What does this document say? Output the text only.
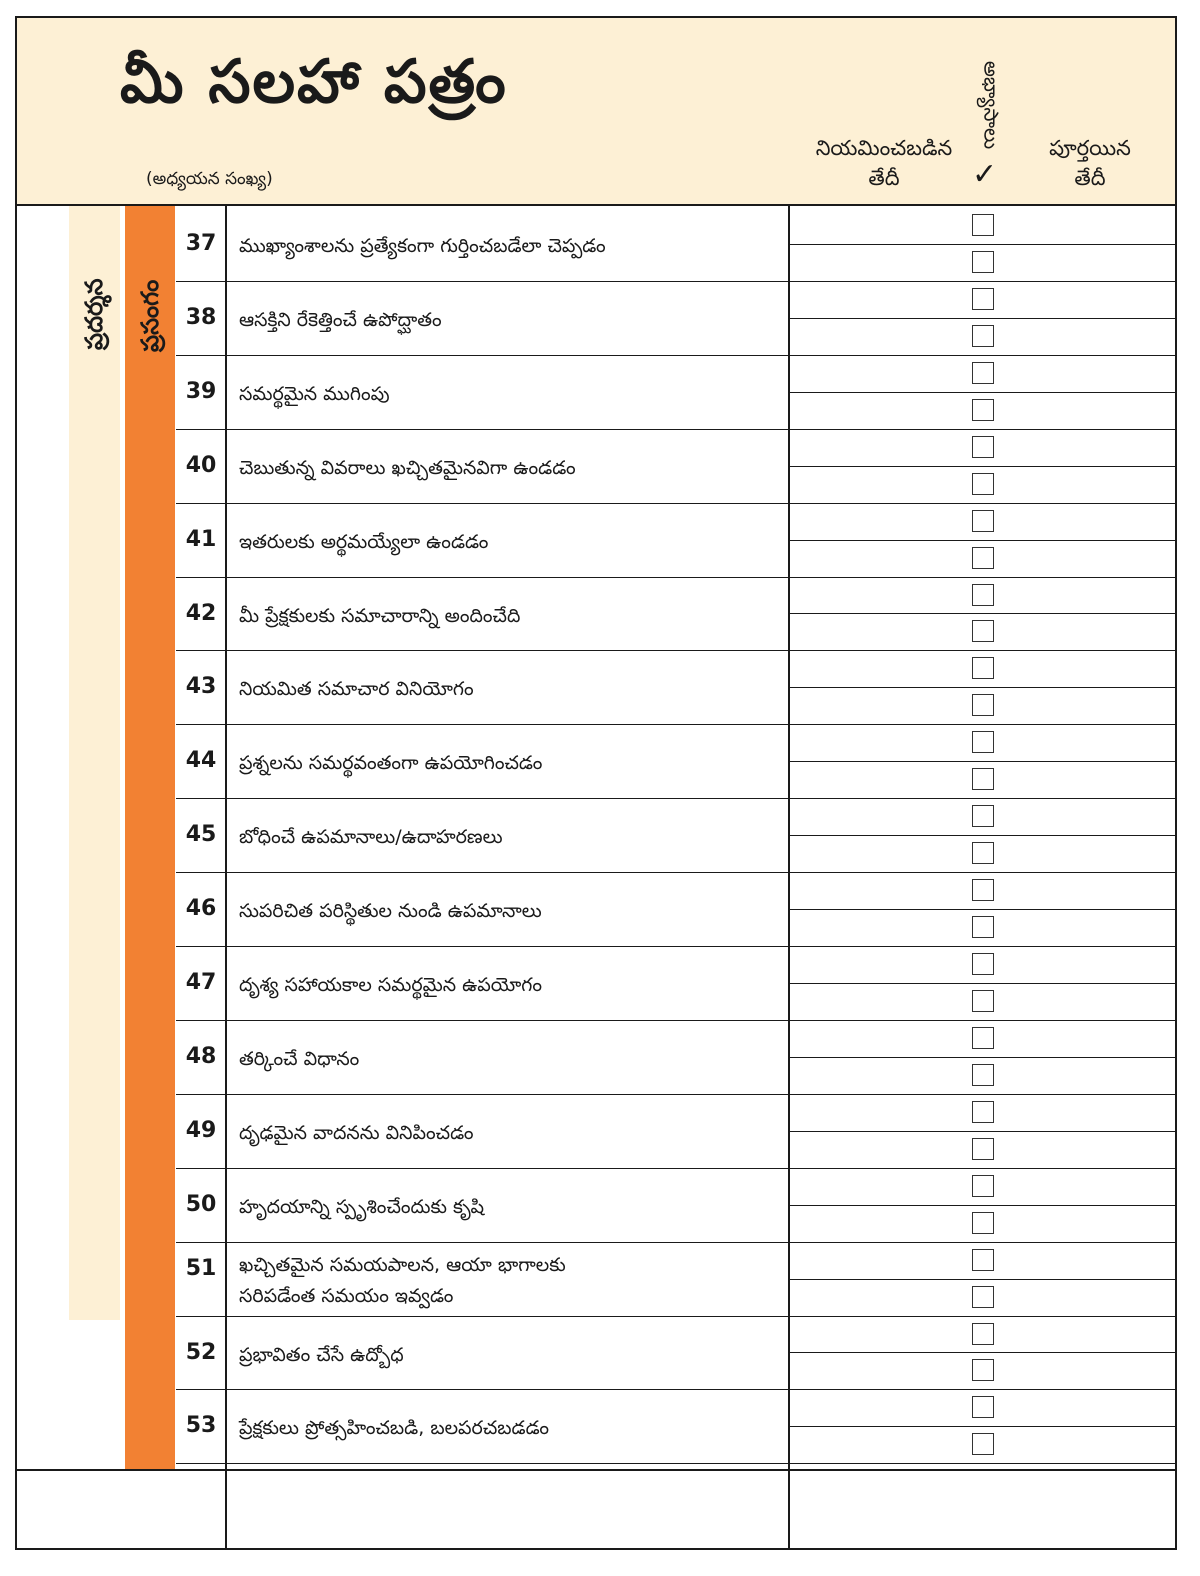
మీ సలహా పత్రం
(అధ్యయన సంఖ్య)
నియమించబడిన
తేదీ
అభ్యాసాలు
✓
పూర్తయిన
తేదీ
ప్రదర్శన ప్రసంగం
37	ముఖ్యాంశాలను ప్రత్యేకంగా గుర్తించబడేలా చెప్పడం
38	ఆసక్తిని రేకెత్తించే ఉపోద్ఘాతం
39	సమర్థమైన ముగింపు
40	చెబుతున్న వివరాలు ఖచ్చితమైనవిగా ఉండడం
41	ఇతరులకు అర్థమయ్యేలా ఉండడం
42	మీ ప్రేక్షకులకు సమాచారాన్ని అందించేది
43	నియమిత సమాచార వినియోగం
44	ప్రశ్నలను సమర్థవంతంగా ఉపయోగించడం
45	బోధించే ఉపమానాలు/ఉదాహరణలు
46	సుపరిచిత పరిస్థితుల నుండి ఉపమానాలు
47	దృశ్య సహాయకాల సమర్థమైన ఉపయోగం
48	తర్కించే విధానం
49	దృఢమైన వాదనను వినిపించడం
50	హృదయాన్ని స్పృశించేందుకు కృషి
51	ఖచ్చితమైన సమయపాలన, ఆయా భాగాలకు
సరిపడేంత సమయం ఇవ్వడం
52	ప్రభావితం చేసే ఉద్బోధ
53	ప్రేక్షకులు ప్రోత్సహించబడి, బలపరచబడడం
